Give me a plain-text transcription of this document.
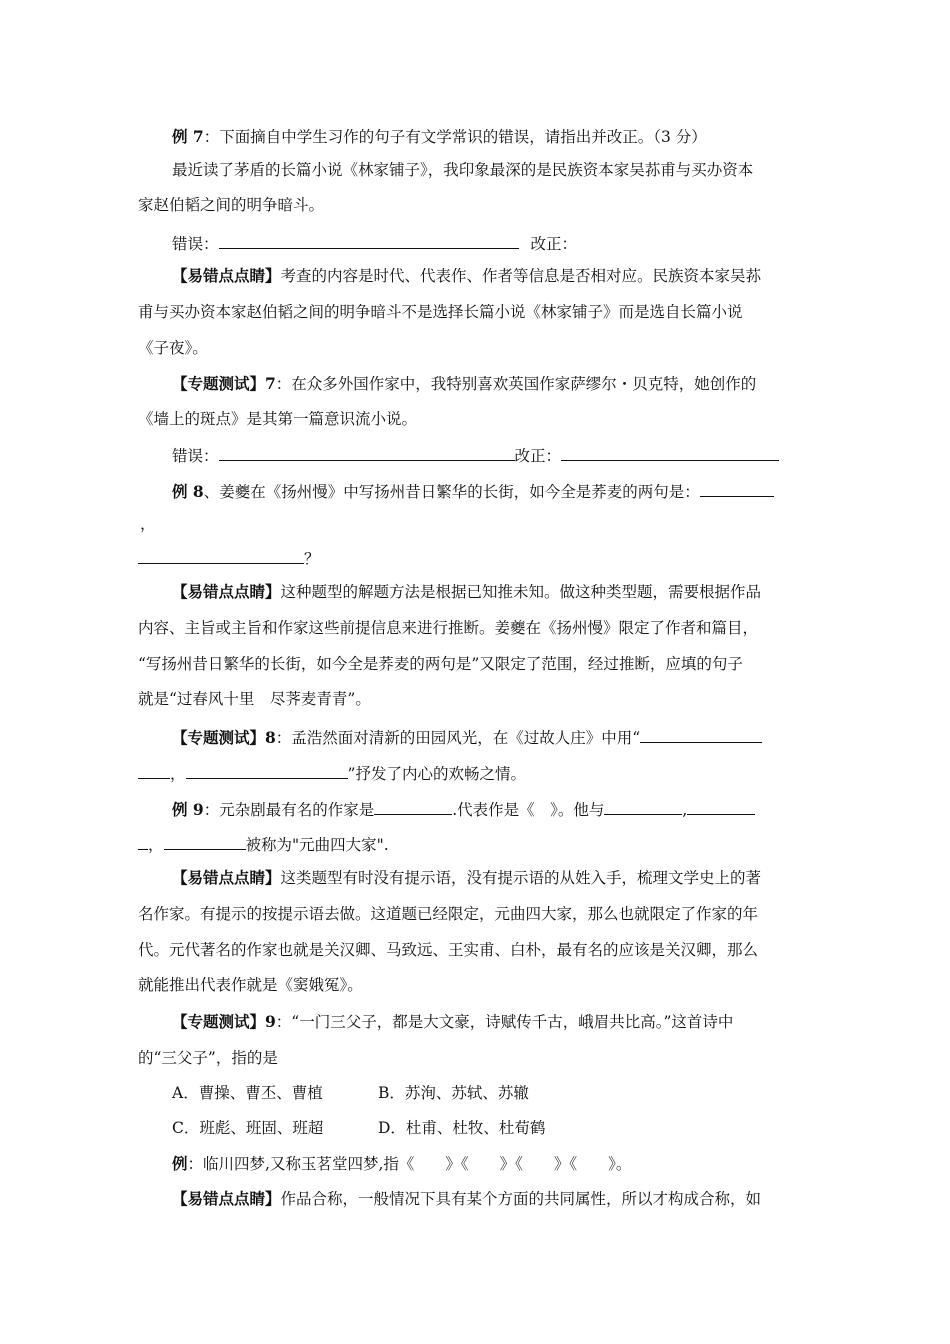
例 7：下面摘自中学生习作的句子有文学常识的错误，请指出并改正。（3 分）
最近读了茅盾的长篇小说《林家铺子》，我印象最深的是民族资本家吴荪甫与买办资本
家赵伯韬之间的明争暗斗。
错误：	改正：
【易错点点睛】考查的内容是时代、代表作、作者等信息是否相对应。民族资本家吴荪
甫与买办资本家赵伯韬之间的明争暗斗不是选择长篇小说《林家铺子》而是选自长篇小说
《子夜》。
【专题测试】7：在众多外国作家中，我特别喜欢英国作家萨缪尔・贝克特，她创作的
《墙上的斑点》是其第一篇意识流小说。
错误：	改正：
例 8、姜夔在《扬州慢》中写扬州昔日繁华的长街，如今全是荞麦的两句是：
，
？
【易错点点睛】这种题型的解题方法是根据已知推未知。做这种类型题，需要根据作品
内容、主旨或主旨和作家这些前提信息来进行推断。姜夔在《扬州慢》限定了作者和篇目，
“写扬州昔日繁华的长街，如今全是荞麦的两句是”又限定了范围，经过推断，应填的句子
就是“过春风十里　尽荠麦青青”。
【专题测试】8：孟浩然面对清新的田园风光，在《过故人庄》中用“
，	”抒发了内心的欢畅之情。
例 9：元杂剧最有名的作家是	.代表作是《　》。他与	,
，	被称为"元曲四大家".
【易错点点睛】这类题型有时没有提示语，没有提示语的从姓入手，梳理文学史上的著
名作家。有提示的按提示语去做。这道题已经限定，元曲四大家，那么也就限定了作家的年
代。元代著名的作家也就是关汉卿、马致远、王实甫、白朴，最有名的应该是关汉卿，那么
就能推出代表作就是《窦娥冤》。
【专题测试】9：“一门三父子，都是大文豪，诗赋传千古，峨眉共比高。”这首诗中
的“三父子”，指的是
A．曹操、曹丕、曹植	B．苏洵、苏轼、苏辙
C．班彪、班固、班超	D．杜甫、杜牧、杜荀鹤
例：临川四梦,又称玉茗堂四梦,指《　　》《　　》《　　》《　　》。
【易错点点睛】作品合称，一般情况下具有某个方面的共同属性，所以才构成合称，如
